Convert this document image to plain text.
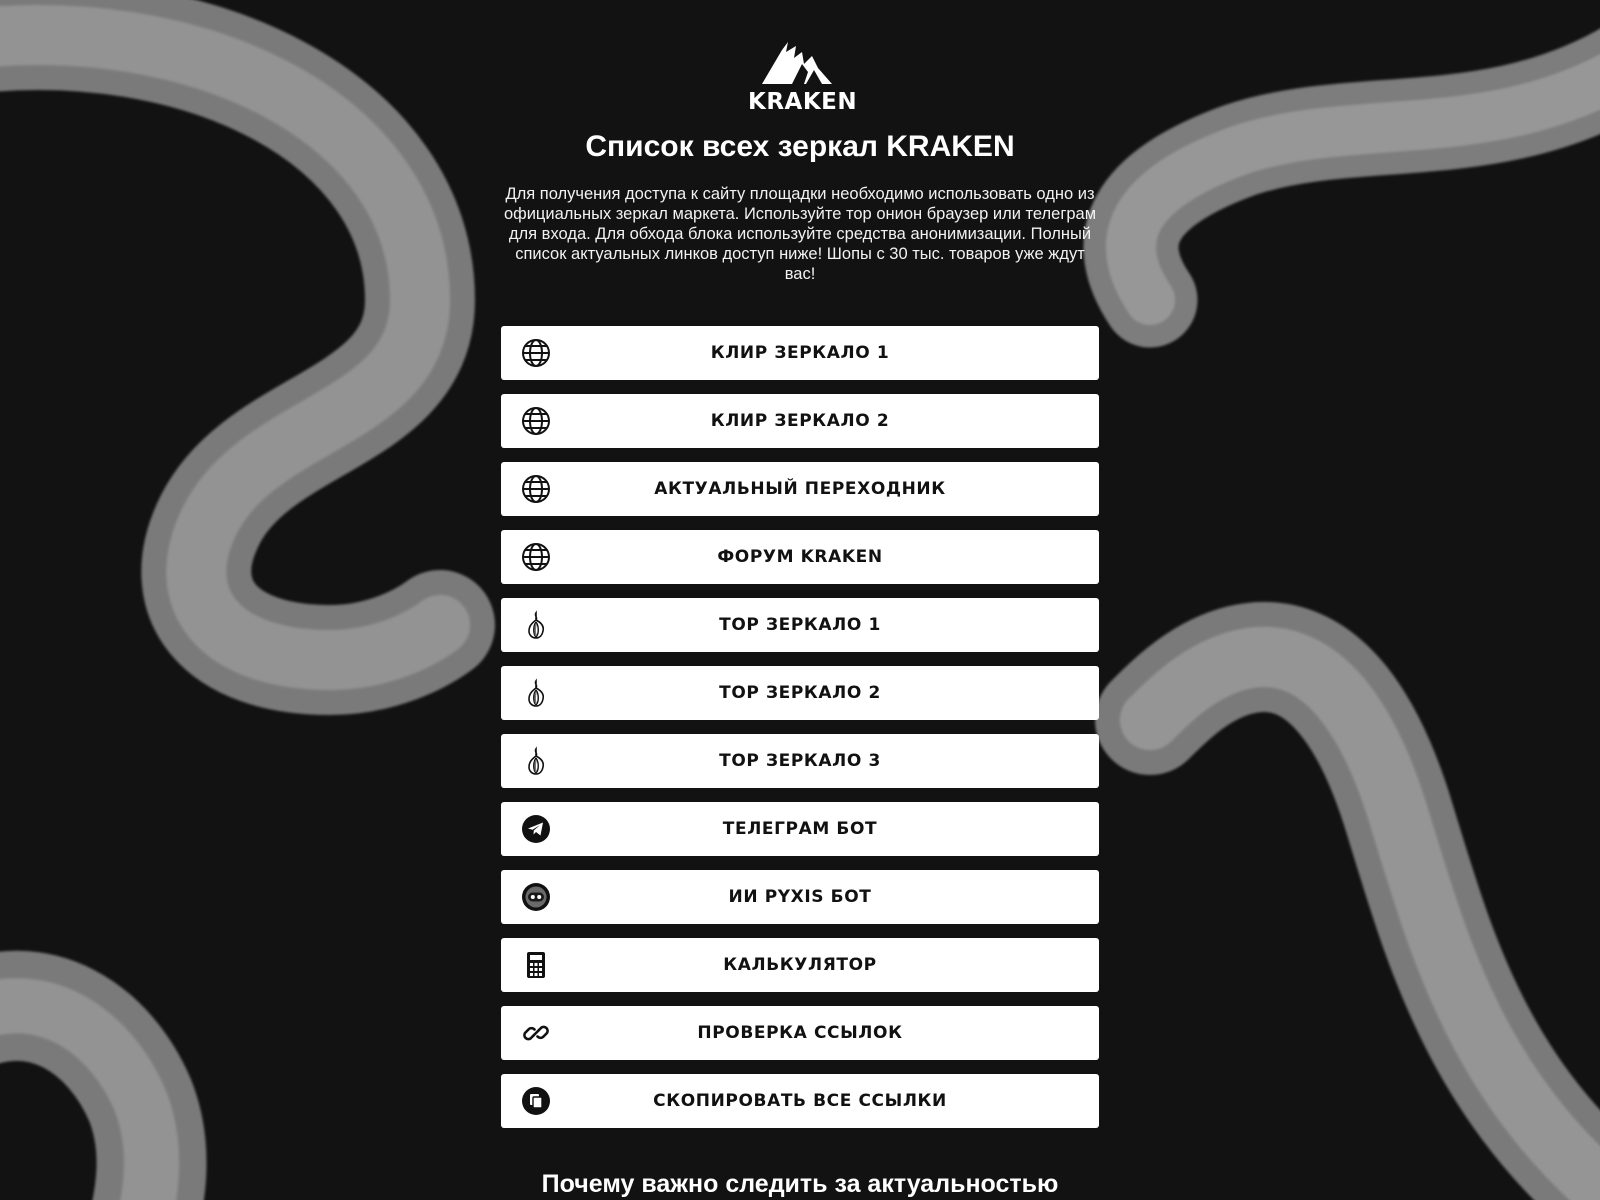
KRAKEN
Список всех зеркал KRAKEN

Для получения доступа к сайту площадки необходимо использовать одно из официальных зеркал маркета. Используйте тор онион браузер или телеграм для входа. Для обхода блока используйте средства анонимизации. Полный список актуальных линков доступ ниже! Шопы с 30 тыс. товаров уже ждут вас!

КЛИР ЗЕРКАЛО 1
КЛИР ЗЕРКАЛО 2
АКТУАЛЬНЫЙ ПЕРЕХОДНИК
ФОРУМ KRAKEN
ТОР ЗЕРКАЛО 1
ТОР ЗЕРКАЛО 2
ТОР ЗЕРКАЛО 3
ТЕЛЕГРАМ БОТ
ИИ PYXIS БОТ
КАЛЬКУЛЯТОР
ПРОВЕРКА ССЫЛОК
СКОПИРОВАТЬ ВСЕ ССЫЛКИ
Почему важно следить за актуальностью
